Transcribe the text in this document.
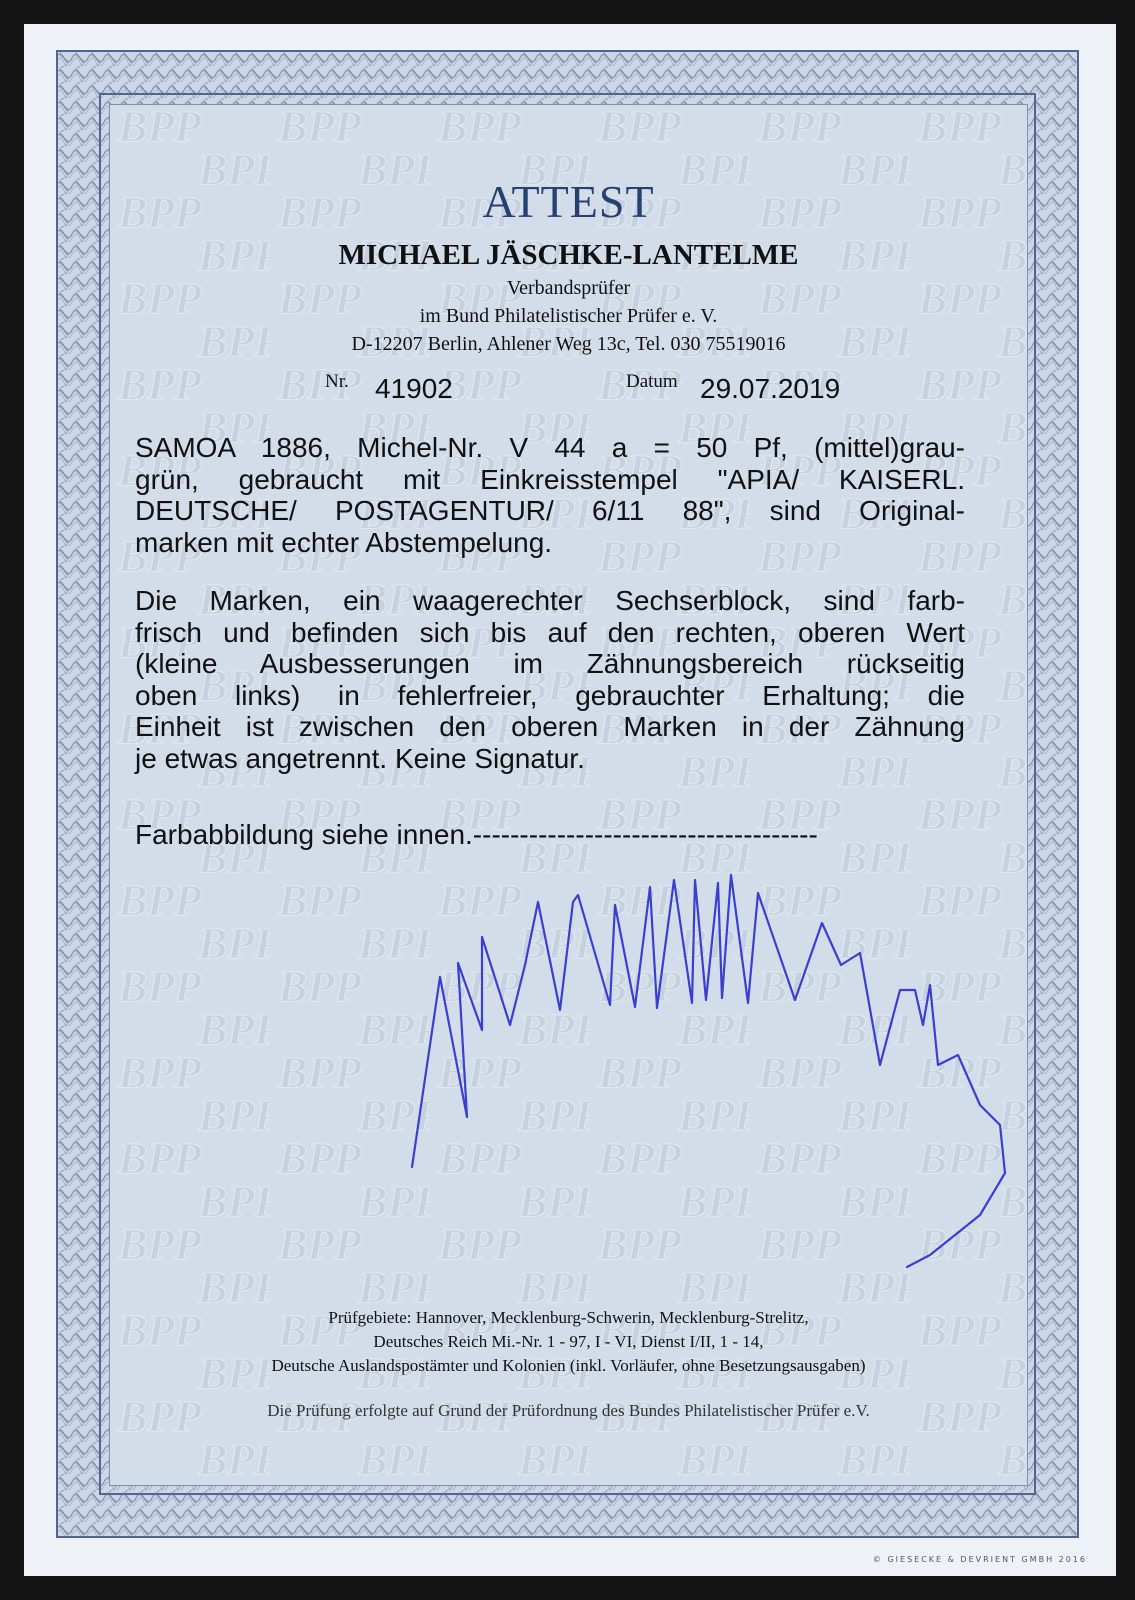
ATTEST
MICHAEL JÄSCHKE-LANTELME
Verbandsprüfer
im Bund Philatelistischer Prüfer e. V.
D-12207 Berlin, Ahlener Weg 13c, Tel. 030 75519016
Nr. 41902	Datum 29.07.2019
SAMOA 1886, Michel-Nr. V 44 a = 50 Pf, (mittel)grau-
grün, gebraucht mit Einkreisstempel "APIA/ KAISERL.
DEUTSCHE/ POSTAGENTUR/ 6/11 88", sind Original-
marken mit echter Abstempelung.
Die Marken, ein waagerechter Sechserblock, sind farb-
frisch und befinden sich bis auf den rechten, oberen Wert
(kleine Ausbesserungen im Zähnungsbereich rückseitig
oben links) in fehlerfreier, gebrauchter Erhaltung; die
Einheit ist zwischen den oberen Marken in der Zähnung
je etwas angetrennt. Keine Signatur.
Farbabbildung siehe innen.-------------------------------------
Prüfgebiete: Hannover, Mecklenburg-Schwerin, Mecklenburg-Strelitz,
Deutsches Reich Mi.-Nr. 1 - 97, I - VI, Dienst I/II, 1 - 14,
Deutsche Auslandspostämter und Kolonien (inkl. Vorläufer, ohne Besetzungsausgaben)
Die Prüfung erfolgte auf Grund der Prüfordnung des Bundes Philatelistischer Prüfer e.V.
© GIESECKE & DEVRIENT GMBH 2016
